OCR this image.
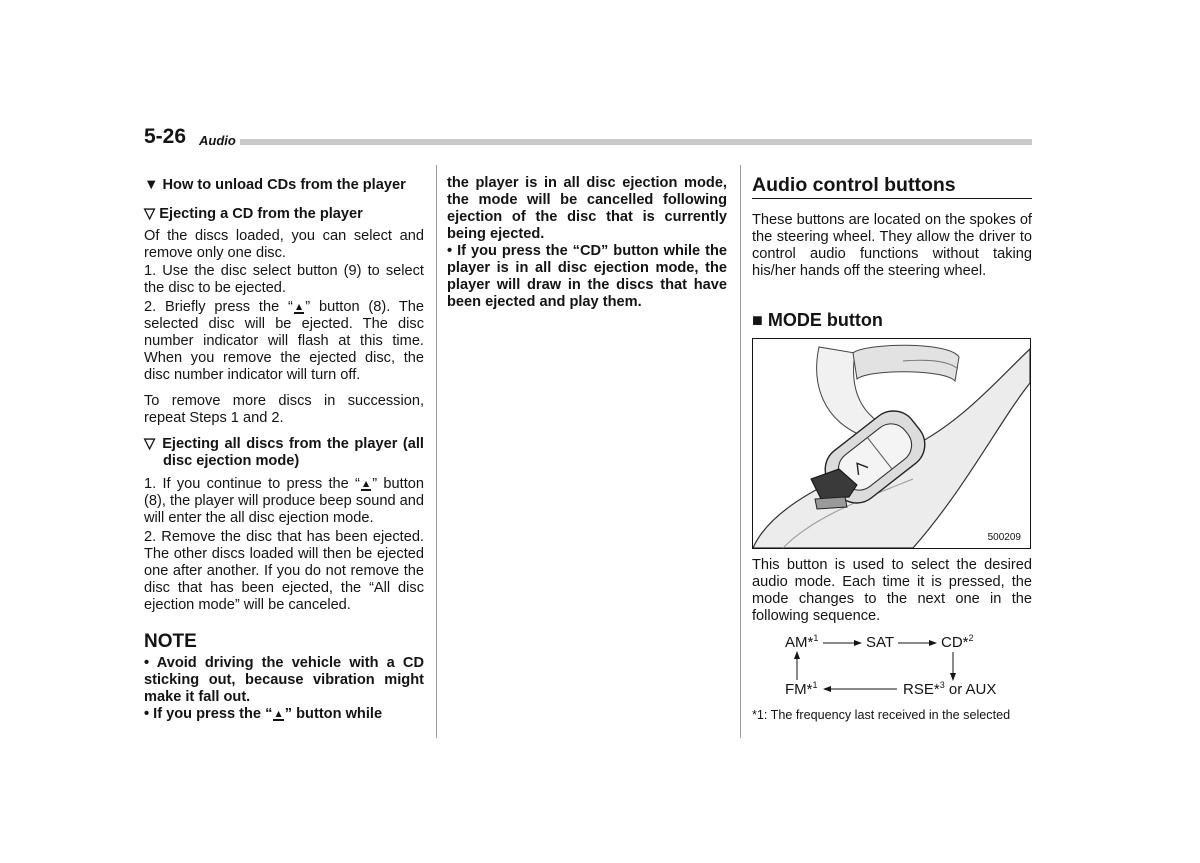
5-26 Audio
▼ How to unload CDs from the player
▽ Ejecting a CD from the player
Of the discs loaded, you can select and remove only one disc.
1. Use the disc select button (9) to select the disc to be ejected.
2. Briefly press the “▲” button (8). The selected disc will be ejected. The disc number indicator will flash at this time. When you remove the ejected disc, the disc number indicator will turn off.
To remove more discs in succession, repeat Steps 1 and 2.
▽ Ejecting all discs from the player (all disc ejection mode)
1. If you continue to press the “▲” button (8), the player will produce beep sound and will enter the all disc ejection mode.
2. Remove the disc that has been ejected. The other discs loaded will then be ejected one after another. If you do not remove the disc that has been ejected, the “All disc ejection mode” will be canceled.
NOTE
• Avoid driving the vehicle with a CD sticking out, because vibration might make it fall out.
• If you press the “▲” button while
the player is in all disc ejection mode, the mode will be cancelled following ejection of the disc that is currently being ejected.
• If you press the “CD” button while the player is in all disc ejection mode, the player will draw in the discs that have been ejected and play them.
Audio control buttons
These buttons are located on the spokes of the steering wheel. They allow the driver to control audio functions without taking his/her hands off the steering wheel.
■ MODE button
500209
This button is used to select the desired audio mode. Each time it is pressed, the mode changes to the next one in the following sequence.
AM*$^1$	SAT	CD*$^2$
FM*$^1$	RSE*$^3$ or AUX
*1: The frequency last received in the selected
